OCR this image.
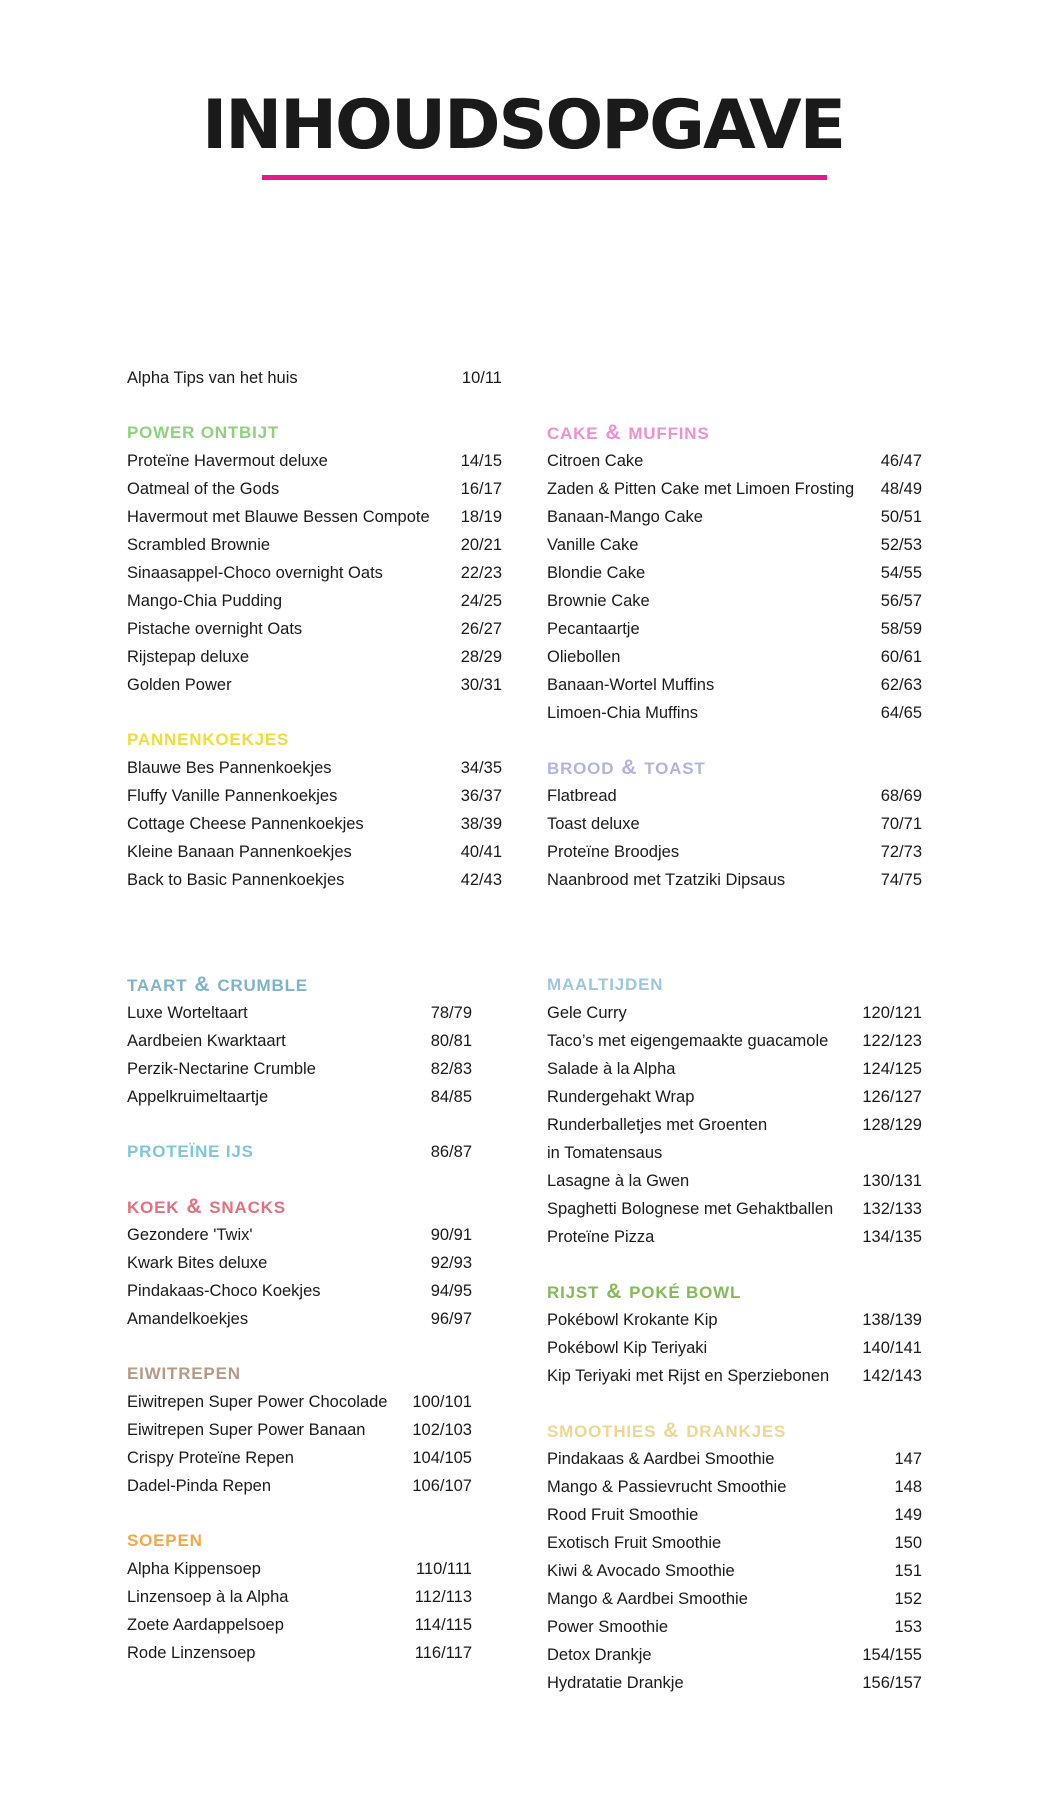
INHOUDSOPGAVE
Alpha Tips van het huis	10/11
POWER ONTBIJT
Proteïne Havermout deluxe	14/15
Oatmeal of the Gods	16/17
Havermout met Blauwe Bessen Compote 18/19
Scrambled Brownie	20/21
Sinaasappel-Choco overnight Oats	22/23
Mango-Chia Pudding	24/25
Pistache overnight Oats	26/27
Rijstepap deluxe	28/29
Golden Power	30/31
PANNENKOEKJES
Blauwe Bes Pannenkoekjes	34/35
Fluffy Vanille Pannenkoekjes	36/37
Cottage Cheese Pannenkoekjes	38/39
Kleine Banaan Pannenkoekjes	40/41
Back to Basic Pannenkoekjes	42/43
CAKE & MUFFINS
Citroen Cake	46/47
Zaden & Pitten Cake met Limoen Frosting 48/49
Banaan-Mango Cake	50/51
Vanille Cake	52/53
Blondie Cake	54/55
Brownie Cake	56/57
Pecantaartje	58/59
Oliebollen	60/61
Banaan-Wortel Muffins	62/63
Limoen-Chia Muffins	64/65
BROOD & TOAST
Flatbread	68/69
Toast deluxe	70/71
Proteïne Broodjes	72/73
Naanbrood met Tzatziki Dipsaus	74/75
TAART & CRUMBLE
Luxe Worteltaart	78/79
Aardbeien Kwarktaart	80/81
Perzik-Nectarine Crumble	82/83
Appelkruimeltaartje	84/85
PROTEÏNE IJS	86/87
KOEK & SNACKS
Gezondere 'Twix'	90/91
Kwark Bites deluxe	92/93
Pindakaas-Choco Koekjes	94/95
Amandelkoekjes	96/97
EIWITREPEN
Eiwitrepen Super Power Chocolade 100/101
Eiwitrepen Super Power Banaan	102/103
Crispy Proteïne Repen	104/105
Dadel-Pinda Repen	106/107
SOEPEN
Alpha Kippensoep	110/111
Linzensoep à la Alpha	112/113
Zoete Aardappelsoep	114/115
Rode Linzensoep	116/117
MAALTIJDEN
Gele Curry	120/121
Taco’s met eigengemaakte guacamole 122/123
Salade à la Alpha	124/125
Rundergehakt Wrap	126/127
Runderballetjes met Groenten	128/129
in Tomatensaus
Lasagne à la Gwen	130/131
Spaghetti Bolognese met Gehaktballen 132/133
Proteïne Pizza	134/135
RIJST & POKÉ BOWL
Pokébowl Krokante Kip	138/139
Pokébowl Kip Teriyaki	140/141
Kip Teriyaki met Rijst en Sperziebonen 142/143
SMOOTHIES & DRANKJES
Pindakaas & Aardbei Smoothie	147
Mango & Passievrucht Smoothie	148
Rood Fruit Smoothie	149
Exotisch Fruit Smoothie	150
Kiwi & Avocado Smoothie	151
Mango & Aardbei Smoothie	152
Power Smoothie	153
Detox Drankje	154/155
Hydratatie Drankje	156/157
